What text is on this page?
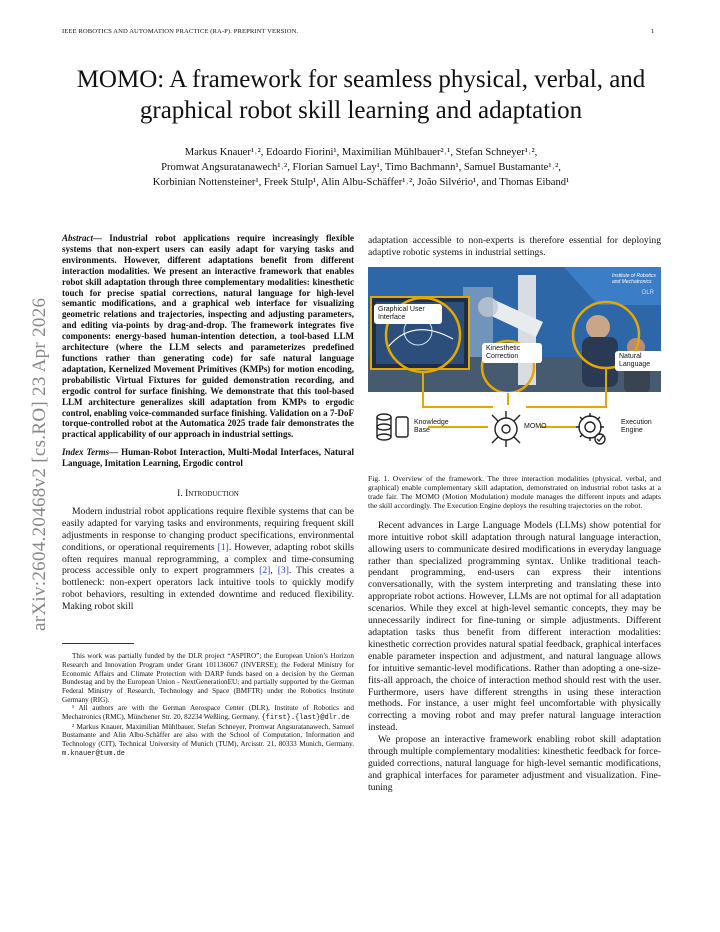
IEEE ROBOTICS AND AUTOMATION PRACTICE (RA-P). PREPRINT VERSION.	1
arXiv:2604.20468v2 [cs.RO] 23 Apr 2026
MOMO: A framework for seamless physical, verbal, and graphical robot skill learning and adaptation
Markus Knauer¹˒², Edoardo Fiorini¹, Maximilian Mühlbauer²˒¹, Stefan Schneyer¹˒²,
Promwat Angsuratanawech¹˒², Florian Samuel Lay¹, Timo Bachmann¹, Samuel Bustamante¹˒²,
Korbinian Nottensteiner¹, Freek Stulp¹, Alin Albu-Schäffer¹˒², João Silvério¹, and Thomas Eiband¹
Abstract— Industrial robot applications require increasingly flexible systems that non-expert users can easily adapt for varying tasks and environments. However, different adaptations benefit from different interaction modalities. We present an interactive framework that enables robot skill adaptation through three complementary modalities: kinesthetic touch for precise spatial corrections, natural language for high-level semantic modifications, and a graphical web interface for visualizing geometric relations and trajectories, inspecting and adjusting parameters, and editing via-points by drag-and-drop. The framework integrates five components: energy-based human-intention detection, a tool-based LLM architecture (where the LLM selects and parameterizes predefined functions rather than generating code) for safe natural language adaptation, Kernelized Movement Primitives (KMPs) for motion encoding, probabilistic Virtual Fixtures for guided demonstration recording, and ergodic control for surface finishing. We demonstrate that this tool-based LLM architecture generalizes skill adaptation from KMPs to ergodic control, enabling voice-commanded surface finishing. Validation on a 7-DoF torque-controlled robot at the Automatica 2025 trade fair demonstrates the practical applicability of our approach in industrial settings.
Index Terms— Human-Robot Interaction, Multi-Modal Interfaces, Natural Language, Imitation Learning, Ergodic control
I. Introduction
Modern industrial robot applications require flexible systems that can be easily adapted for varying tasks and environments, requiring frequent skill adjustments in response to changing product specifications, environmental conditions, or operational requirements [1]. However, adapting robot skills often requires manual reprogramming, a complex and time-consuming process accessible only to expert programmers [2], [3]. This creates a bottleneck: non-expert operators lack intuitive tools to quickly modify robot behaviors, resulting in extended downtime and reduced flexibility. Making robot skill
This work was partially funded by the DLR project “ASPIRO”; the European Union’s Horizon Research and Innovation Program under Grant 101136067 (INVERSE); the Federal Ministry for Economic Affairs and Climate Protection with DARP funds based on a decision by the German Bundestag and by the European Union - NextGenerationEU; and partially supported by the German Federal Ministry of Research, Technology and Space (BMFTR) under the Robotics Institute Germany (RIG).
¹ All authors are with the German Aerospace Center (DLR), Institute of Robotics and Mechatronics (RMC), Münchener Str. 20, 82234 Weßling, Germany. {first}.{last}@dlr.de
² Markus Knauer, Maximilian Mühlbauer, Stefan Schneyer, Promwat Angsuratanawech, Samuel Bustamante and Alin Albu-Schäffer are also with the School of Computation, Information and Technology (CIT), Technical University of Munich (TUM), Arcisstr. 21, 80333 Munich, Germany. m.knauer@tum.de
adaptation accessible to non-experts is therefore essential for deploying adaptive robotic systems in industrial settings.
Graphical User Interface
Kinesthetic Correction	Natural Language
Institute of Robotics and Mechatronics
DLR
Knowledge Base
MOMO
Execution Engine
Fig. 1. Overview of the framework. The three interaction modalities (physical, verbal, and graphical) enable complementary skill adaptation, demonstrated on industrial robot tasks at a trade fair. The MOMO (Motion Modulation) module manages the different inputs and adapts the skill accordingly. The Execution Engine deploys the resulting trajectories on the robot.
Recent advances in Large Language Models (LLMs) show potential for more intuitive robot skill adaptation through natural language interaction, allowing users to communicate desired modifications in everyday language rather than specialized programming syntax. Unlike traditional teach-pendant programming, end-users can express their intentions conversationally, with the system interpreting and translating these into appropriate robot actions. However, LLMs are not optimal for all adaptation scenarios. While they excel at high-level semantic concepts, they may be unnecessarily indirect for fine-tuning or simple adjustments. Different adaptation tasks thus benefit from different interaction modalities: kinesthetic correction provides natural spatial feedback, graphical interfaces enable parameter inspection and adjustment, and natural language allows for intuitive semantic-level modifications. Rather than adopting a one-size-fits-all approach, the choice of interaction method should rest with the user. Furthermore, users have different strengths in using these interaction methods. For instance, a user might feel uncomfortable with physically correcting a moving robot and may prefer natural language interaction instead.
We propose an interactive framework enabling robot skill adaptation through multiple complementary modalities: kinesthetic feedback for force-guided corrections, natural language for high-level semantic modifications, and graphical interfaces for parameter adjustment and visualization. Fine-tuning
